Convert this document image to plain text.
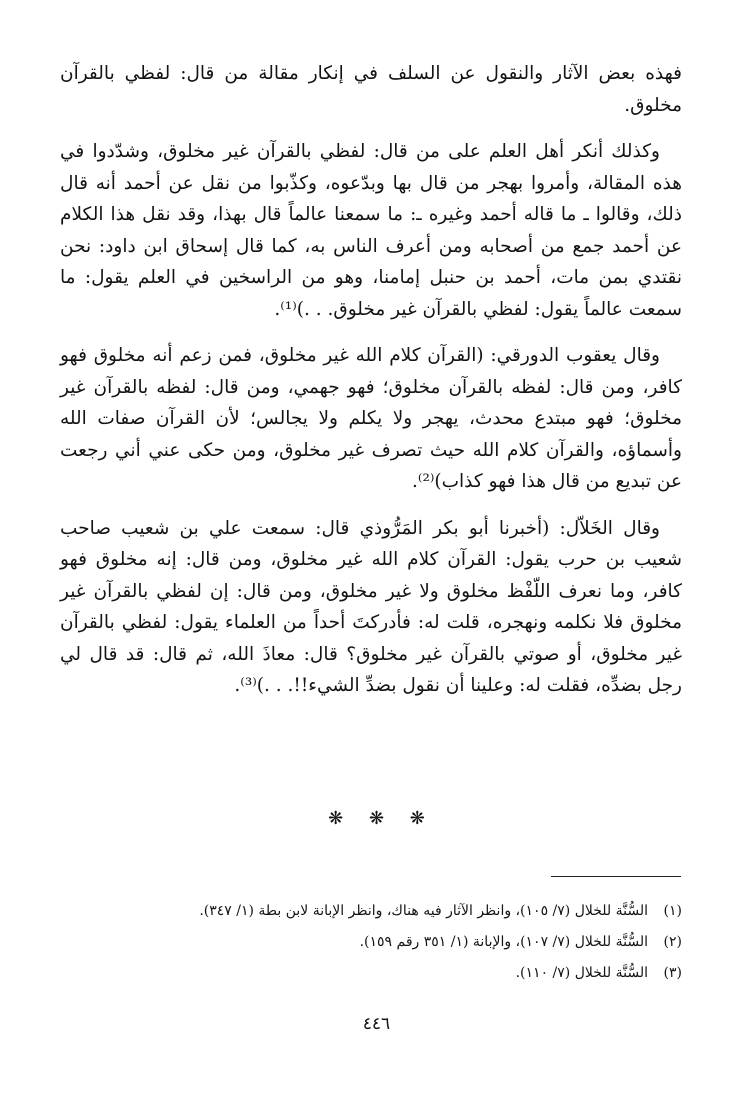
فهذه بعض الآثار والنقول عن السلف في إنكار مقالة من قال: لفظي بالقرآن مخلوق.

وكذلك أنكر أهل العلم على من قال: لفظي بالقرآن غير مخلوق، وشدّدوا في هذه المقالة، وأمروا بهجر من قال بها وبدّعوه، وكذّبوا من نقل عن أحمد أنه قال ذلك، وقالوا ـ ما قاله أحمد وغيره ـ: ما سمعنا عالماً قال بهذا، وقد نقل هذا الكلام عن أحمد جمع من أصحابه ومن أعرف الناس به، كما قال إسحاق ابن داود: نحن نقتدي بمن مات، أحمد بن حنبل إمامنا، وهو من الراسخين في العلم يقول: ما سمعت عالماً يقول: لفظي بالقرآن غير مخلوق. . .)⁽¹⁾.

وقال يعقوب الدورقي: (القرآن كلام الله غير مخلوق، فمن زعم أنه مخلوق فهو كافر، ومن قال: لفظه بالقرآن مخلوق؛ فهو جهمي، ومن قال: لفظه بالقرآن غير مخلوق؛ فهو مبتدع محدث، يهجر ولا يكلم ولا يجالس؛ لأن القرآن صفات الله وأسماؤه، والقرآن كلام الله حيث تصرف غير مخلوق، ومن حكى عني أني رجعت عن تبديع من قال هذا فهو كذاب)⁽²⁾.

وقال الخَلاّل: (أخبرنا أبو بكر المَرُّوذي قال: سمعت علي بن شعيب صاحب شعيب بن حرب يقول: القرآن كلام الله غير مخلوق، ومن قال: إنه مخلوق فهو كافر، وما نعرف اللّفْظ مخلوق ولا غير مخلوق، ومن قال: إن لفظي بالقرآن غير مخلوق فلا نكلمه ونهجره، قلت له: فأدركتَ أحداً من العلماء يقول: لفظي بالقرآن غير مخلوق، أو صوتي بالقرآن غير مخلوق؟ قال: معاذَ الله، ثم قال: قد قال لي رجل بضدِّه، فقلت له: وعلينا أن نقول بضدِّ الشيء!!. . .)⁽³⁾.

❋ ❋ ❋
(١)
السُّنَّة للخلال (٧/ ١٠٥)، وانظر الآثار فيه هناك، وانظر الإبانة لابن بطة (١/ ٣٤٧).
(٢)
السُّنَّة للخلال (٧/ ١٠٧)، والإبانة (١/ ٣٥١ رقم ١٥٩).
(٣)
السُّنَّة للخلال (٧/ ١١٠).
٤٤٦
